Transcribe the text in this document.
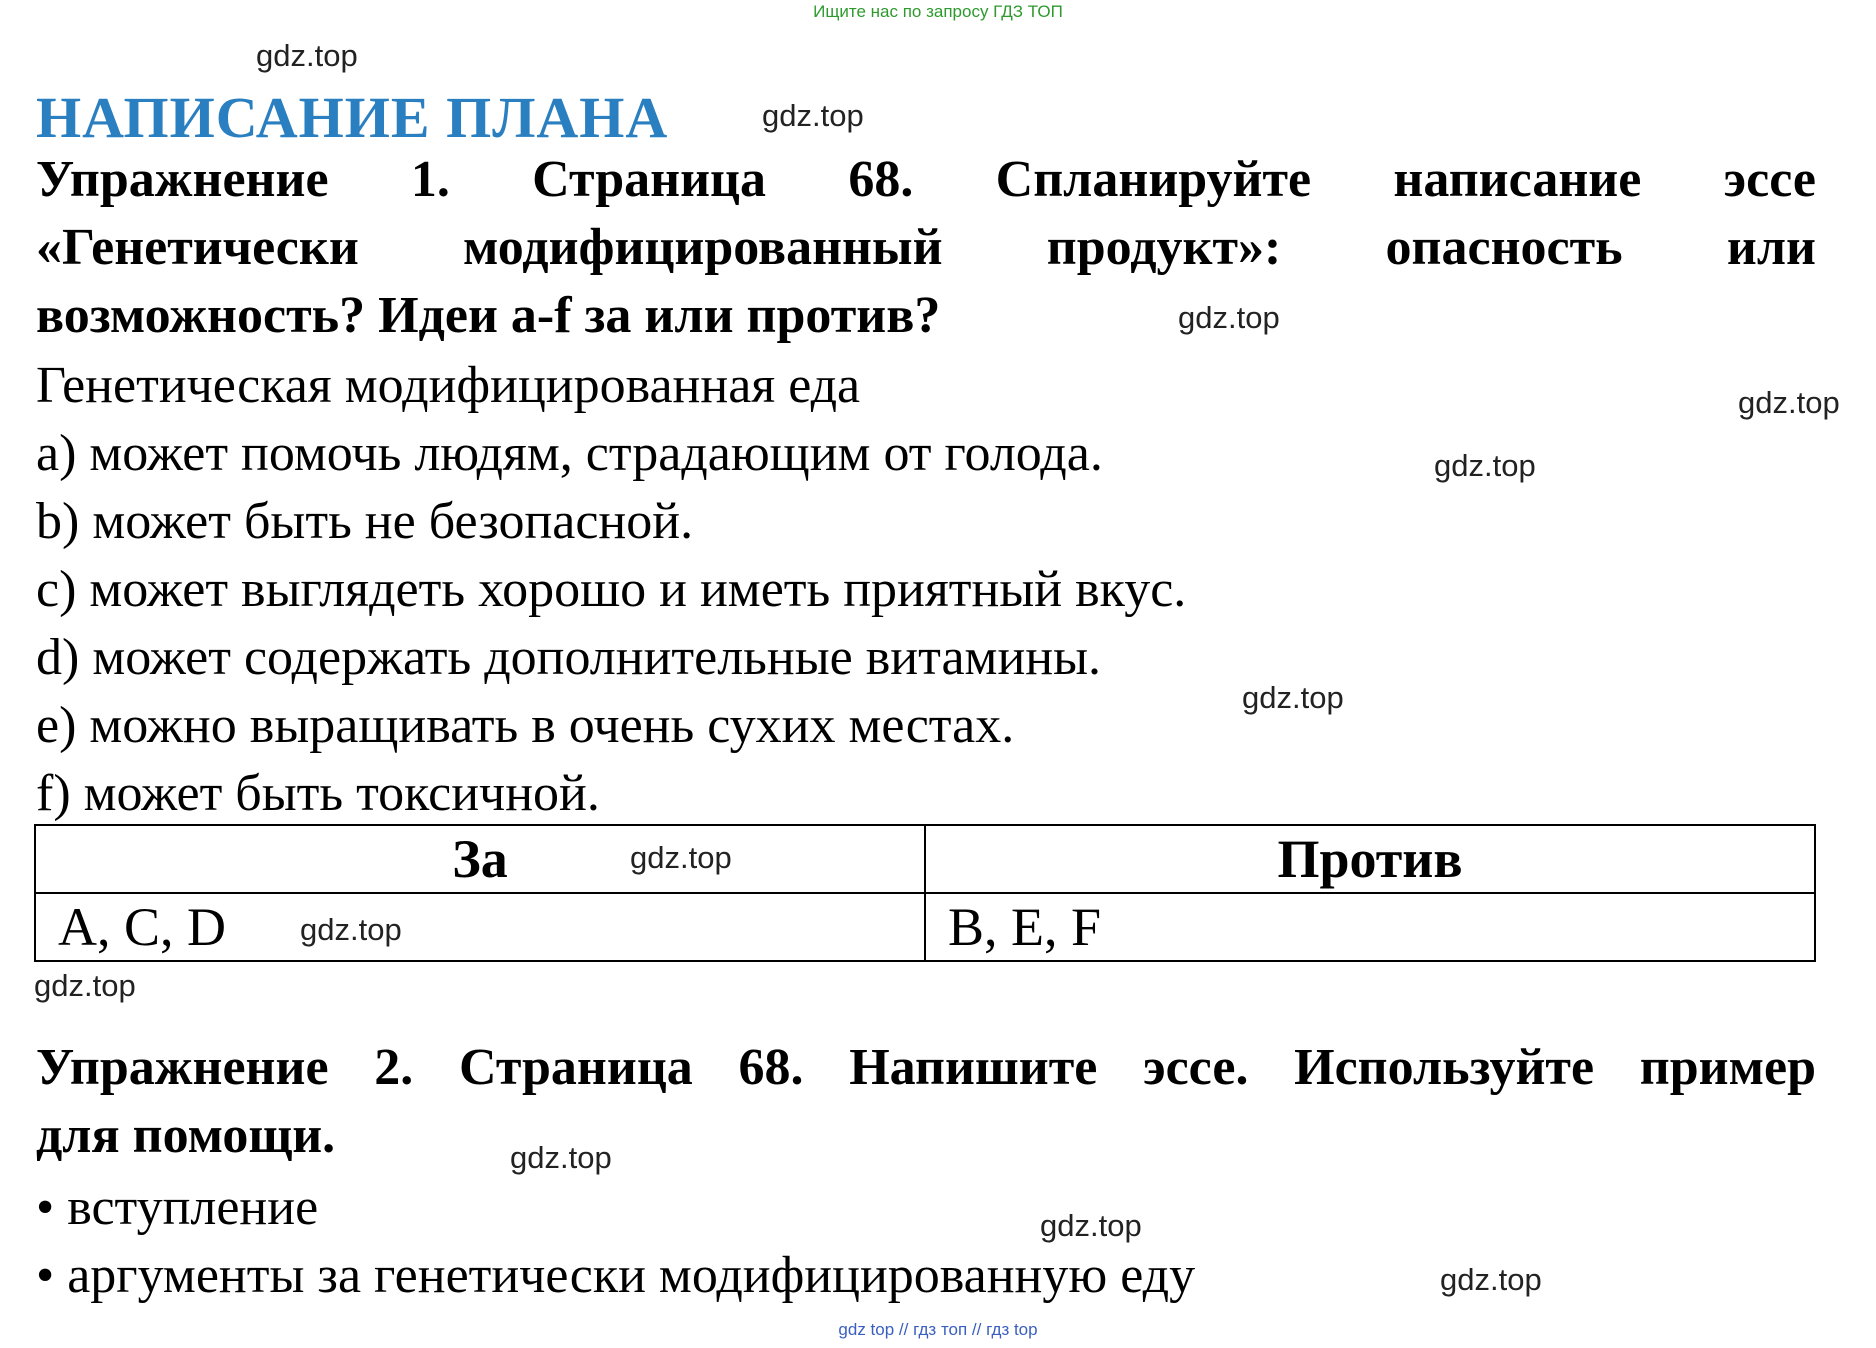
Ищите нас по запросу ГДЗ ТОП
НАПИСАНИЕ ПЛАНА
Упражнение 1. Страница 68. Спланируйте написание эссе
«Генетически модифицированный продукт»: опасность или
возможность? Идеи a-f за или против?
Генетическая модифицированная еда
a) может помочь людям, страдающим от голода.
b) может быть не безопасной.
c) может выглядеть хорошо и иметь приятный вкус.
d) может содержать дополнительные витамины.
e) можно выращивать в очень сухих местах.
f) может быть токсичной.
За	Против
A, C, D	B, E, F
Упражнение 2. Страница 68. Напишите эссе. Используйте пример
для помощи.
• вступление
• аргументы за генетически модифицированную еду
gdz.top
gdz.top
gdz.top
gdz.top
gdz.top
gdz.top
gdz.top
gdz.top
gdz.top
gdz.top
gdz.top
gdz.top
gdz top // гдз топ // гдз top
